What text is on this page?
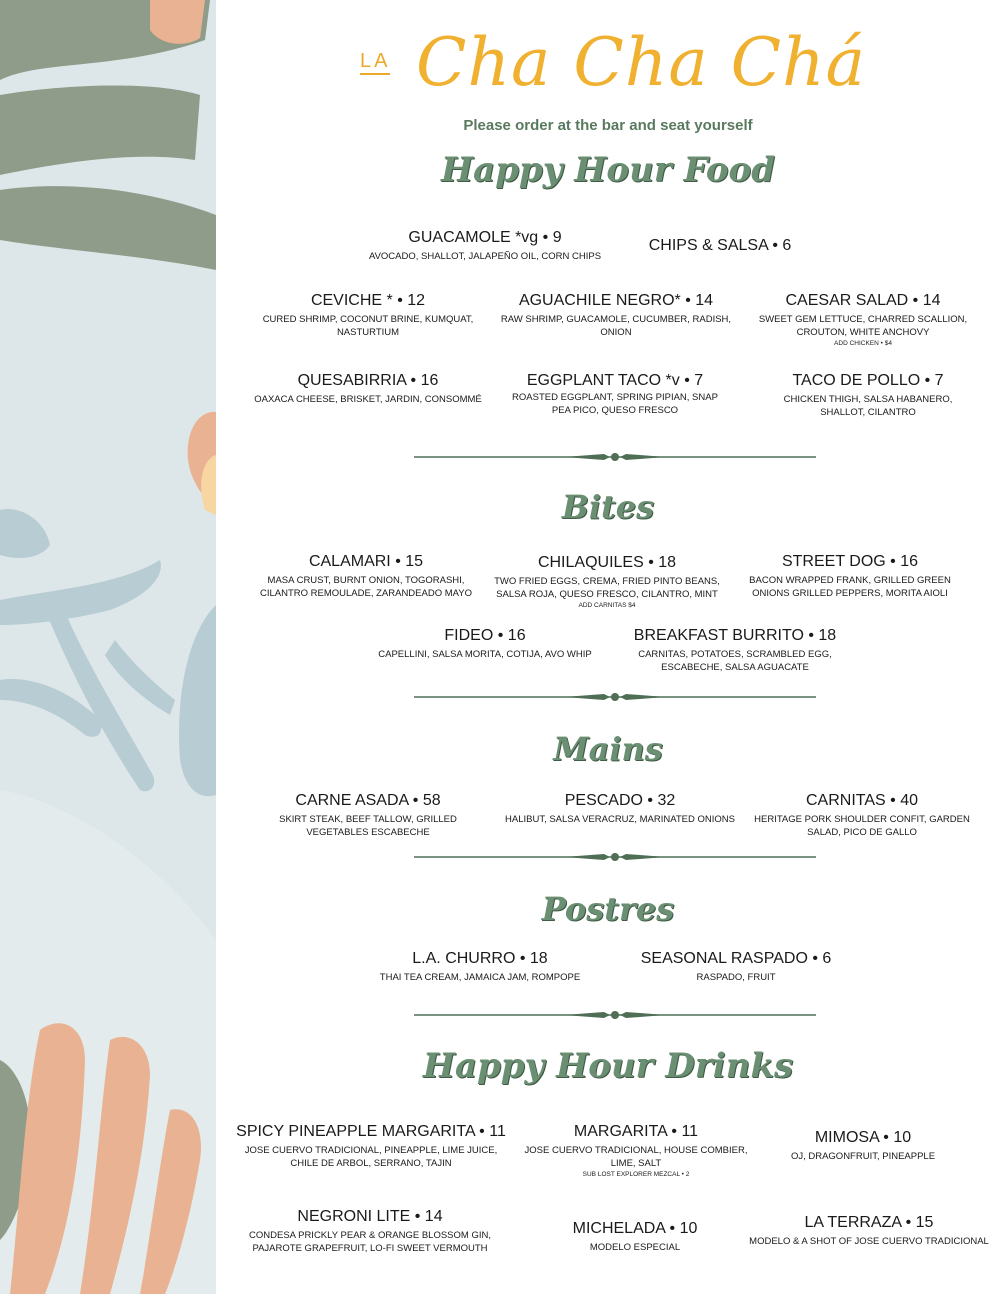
LA Cha Cha Chá
Please order at the bar and seat yourself
Happy Hour Food
GUACAMOLE *vg • 9
AVOCADO, SHALLOT, JALAPEÑO OIL, CORN CHIPS
CHIPS & SALSA • 6
CEVICHE * • 12
CURED SHRIMP, COCONUT BRINE, KUMQUAT, NASTURTIUM
AGUACHILE NEGRO* • 14
RAW SHRIMP, GUACAMOLE, CUCUMBER, RADISH, ONION
CAESAR SALAD • 14
SWEET GEM LETTUCE, CHARRED SCALLION, CROUTON, WHITE ANCHOVY
ADD CHICKEN • $4
QUESABIRRIA • 16
OAXACA CHEESE, BRISKET, JARDIN, CONSOMMÉ
EGGPLANT TACO *v • 7
ROASTED EGGPLANT, SPRING PIPIAN, SNAP PEA PICO, QUESO FRESCO
TACO DE POLLO • 7
CHICKEN THIGH, SALSA HABANERO, SHALLOT, CILANTRO
Bites
CALAMARI • 15
MASA CRUST, BURNT ONION, TOGORASHI, CILANTRO REMOULADE, ZARANDEADO MAYO
CHILAQUILES • 18
TWO FRIED EGGS, CREMA, FRIED PINTO BEANS, SALSA ROJA, QUESO FRESCO, CILANTRO, MINT
ADD CARNITAS $4
STREET DOG • 16
BACON WRAPPED FRANK, GRILLED GREEN ONIONS GRILLED PEPPERS, MORITA AIOLI
FIDEO • 16
CAPELLINI, SALSA MORITA, COTIJA, AVO WHIP
BREAKFAST BURRITO • 18
CARNITAS, POTATOES, SCRAMBLED EGG, ESCABECHE, SALSA AGUACATE
Mains
CARNE ASADA • 58
SKIRT STEAK, BEEF TALLOW, GRILLED VEGETABLES ESCABECHE
PESCADO • 32
HALIBUT, SALSA VERACRUZ, MARINATED ONIONS
CARNITAS • 40
HERITAGE PORK SHOULDER CONFIT, GARDEN SALAD, PICO DE GALLO
Postres
L.A. CHURRO • 18
THAI TEA CREAM, JAMAICA JAM, ROMPOPE
SEASONAL RASPADO • 6
RASPADO, FRUIT
Happy Hour Drinks
SPICY PINEAPPLE MARGARITA • 11
JOSE CUERVO TRADICIONAL, PINEAPPLE, LIME JUICE, CHILE DE ARBOL, SERRANO, TAJIN
MARGARITA • 11
JOSE CUERVO TRADICIONAL, HOUSE COMBIER, LIME, SALT
SUB LOST EXPLORER MEZCAL • 2
MIMOSA • 10
OJ, DRAGONFRUIT, PINEAPPLE
NEGRONI LITE • 14
CONDESA PRICKLY PEAR & ORANGE BLOSSOM GIN, PAJAROTE GRAPEFRUIT, LO-FI SWEET VERMOUTH
MICHELADA • 10
MODELO ESPECIAL
LA TERRAZA • 15
MODELO & A SHOT OF JOSE CUERVO TRADICIONAL
